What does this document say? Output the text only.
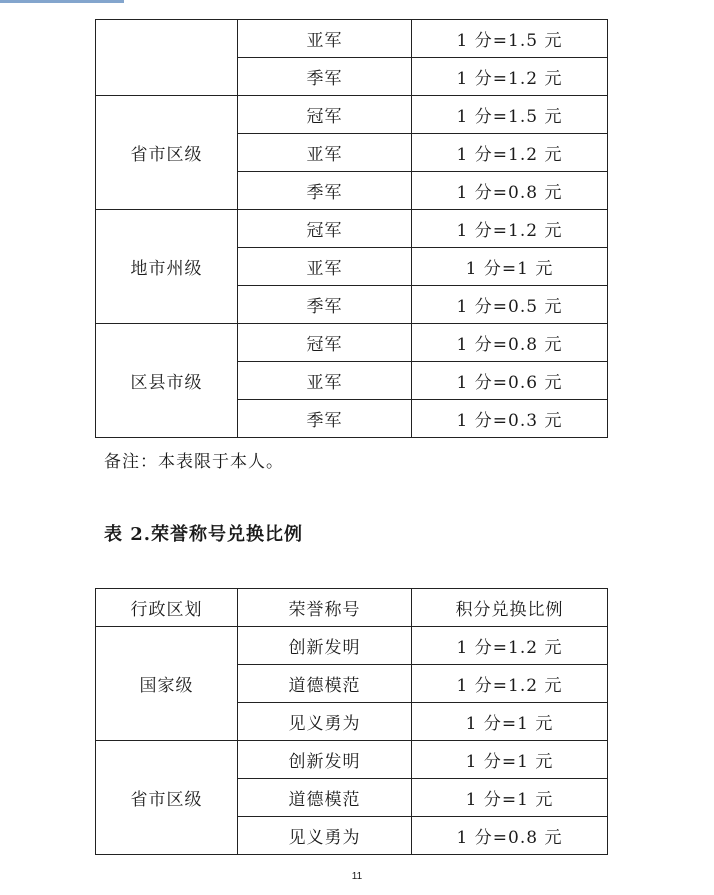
	亚军	1 分=1.5 元
	季军	1 分=1.2 元
省市区级	冠军	1 分=1.5 元
	亚军	1 分=1.2 元
	季军	1 分=0.8 元
地市州级	冠军	1 分=1.2 元
	亚军	1 分=1 元
	季军	1 分=0.5 元
区县市级	冠军	1 分=0.8 元
	亚军	1 分=0.6 元
	季军	1 分=0.3 元
备注：本表限于本人。
表 2.荣誉称号兑换比例
行政区划	荣誉称号	积分兑换比例
国家级	创新发明	1 分=1.2 元
	道德模范	1 分=1.2 元
	见义勇为	1 分=1 元
省市区级	创新发明	1 分=1 元
	道德模范	1 分=1 元
	见义勇为	1 分=0.8 元
11
